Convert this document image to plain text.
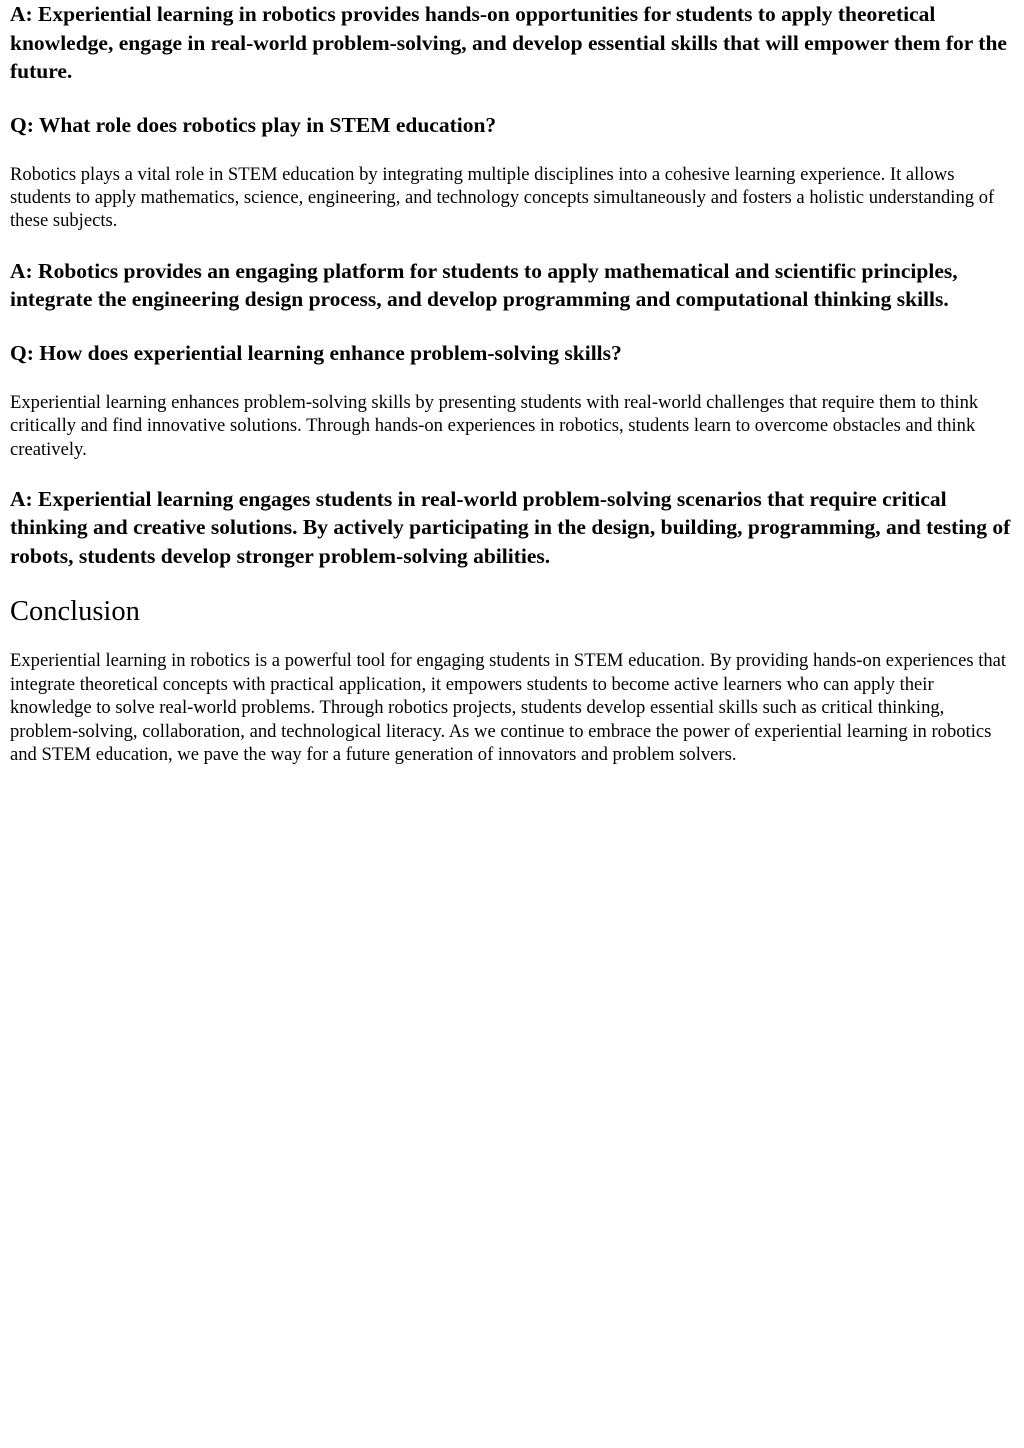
A: Experiential learning in robotics provides hands-on opportunities for students to apply theoretical knowledge, engage in real-world problem-solving, and develop essential skills that will empower them for the future.

Q: What role does robotics play in STEM education?

Robotics plays a vital role in STEM education by integrating multiple disciplines into a cohesive learning experience. It allows students to apply mathematics, science, engineering, and technology concepts simultaneously and fosters a holistic understanding of these subjects.

A: Robotics provides an engaging platform for students to apply mathematical and scientific principles, integrate the engineering design process, and develop programming and computational thinking skills.

Q: How does experiential learning enhance problem-solving skills?

Experiential learning enhances problem-solving skills by presenting students with real-world challenges that require them to think critically and find innovative solutions. Through hands-on experiences in robotics, students learn to overcome obstacles and think creatively.

A: Experiential learning engages students in real-world problem-solving scenarios that require critical thinking and creative solutions. By actively participating in the design, building, programming, and testing of robots, students develop stronger problem-solving abilities.

Conclusion

Experiential learning in robotics is a powerful tool for engaging students in STEM education. By providing hands-on experiences that integrate theoretical concepts with practical application, it empowers students to become active learners who can apply their knowledge to solve real-world problems. Through robotics projects, students develop essential skills such as critical thinking, problem-solving, collaboration, and technological literacy. As we continue to embrace the power of experiential learning in robotics and STEM education, we pave the way for a future generation of innovators and problem solvers.
